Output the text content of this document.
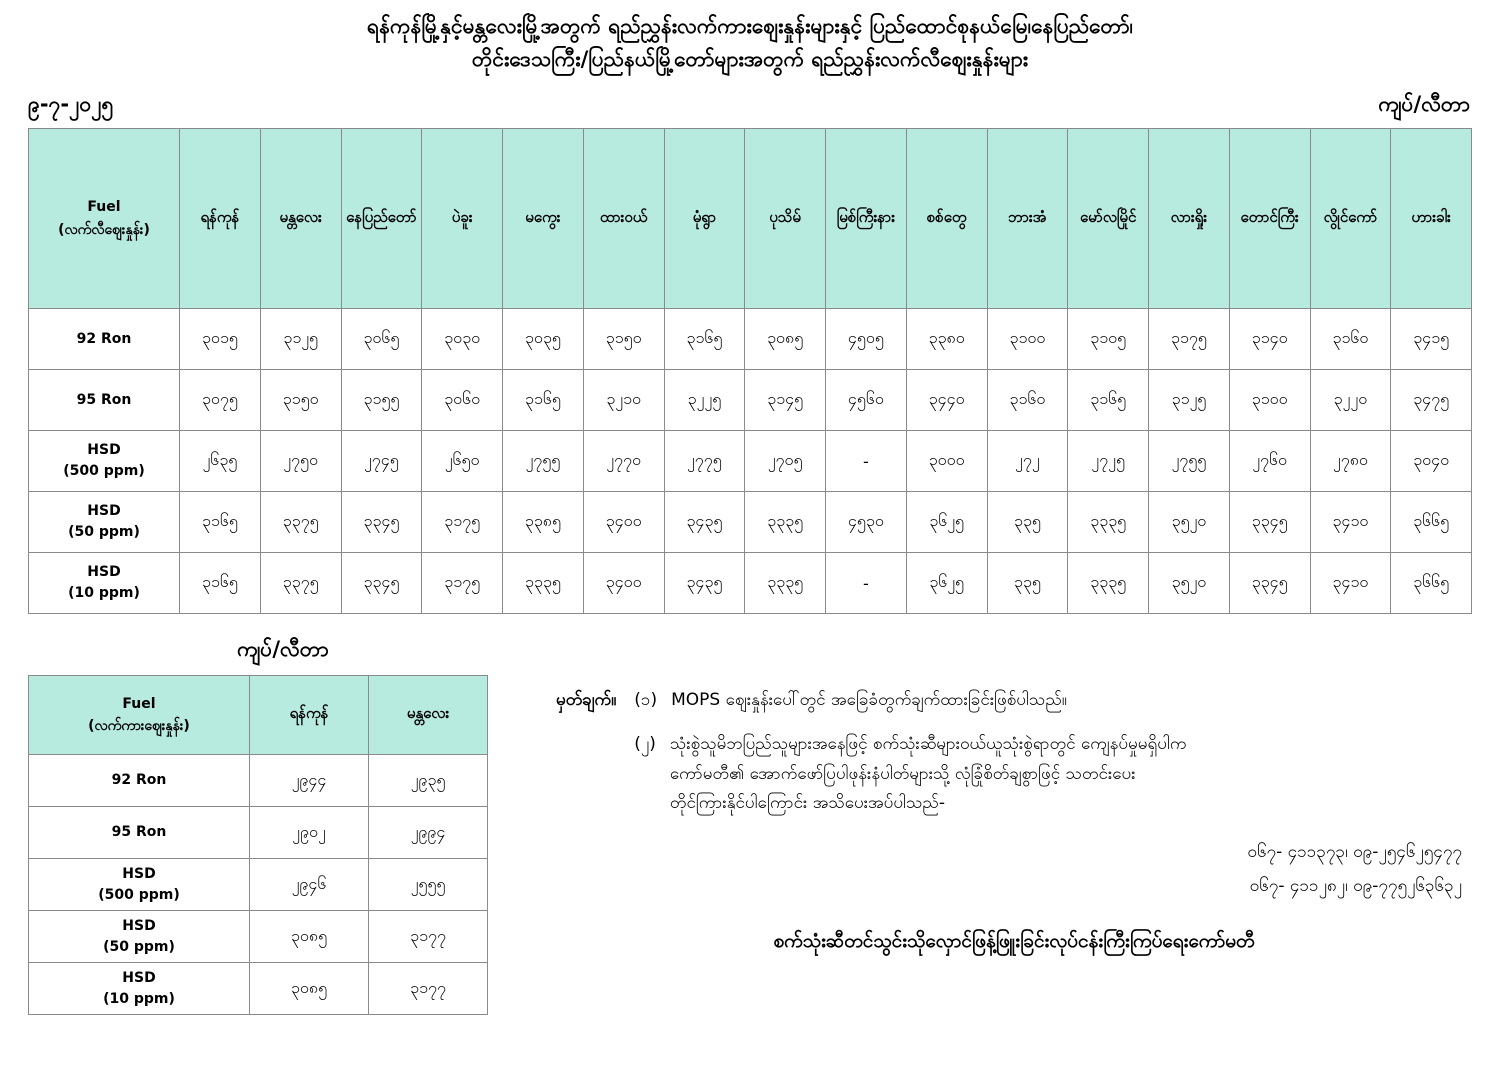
ရန်ကုန်မြို့နှင့်မန္တလေးမြို့အတွက် ရည်ညွှန်းလက်ကားဈေးနှုန်းများနှင့် ပြည်ထောင်စုနယ်မြေ၊နေပြည်တော်၊
တိုင်းဒေသကြီး/ပြည်နယ်မြို့တော်များအတွက် ရည်ညွှန်းလက်လီဈေးနှုန်းများ
၉-၇-၂၀၂၅	ကျပ်/လီတာ
Fuel
(လက်လီဈေးနှုန်း)	ရန်ကုန်	မန္တလေး	နေပြည်တော်	ပဲခူး	မကွေး	ထားဝယ်	မုံရွာ	ပုသိမ်	မြစ်ကြီးနား	စစ်တွေ	ဘားအံ	မော်လမြိုင်	လားရှိုး	တောင်ကြီး	လွိုင်ကော်	ဟားခါး

92 Ron	၃၀၁၅	၃၁၂၅	၃၀၆၅	၃၀၃၀	၃၀၃၅	၃၁၅၀	၃၁၆၅	၃၀၈၅	၄၅၀၅	၃၃၈၀	၃၁၀၀	၃၁၀၅	၃၁၇၅	၃၁၄၀	၃၁၆၀	၃၄၁၅

95 Ron	၃၀၇၅	၃၁၅၀	၃၁၅၅	၃၀၆၀	၃၁၆၅	၃၂၁၀	၃၂၂၅	၃၁၄၅	၄၅၆၀	၃၄၄၀	၃၁၆၀	၃၁၆၅	၃၁၂၅	၃၁၀၀	၃၂၂၀	၃၄၇၅

HSD
(500 ppm)	၂၆၃၅	၂၇၅၀	၂၇၄၅	၂၆၅၀	၂၇၅၅	၂၇၇၀	၂၇၇၅	၂၇၀၅	-	၃၀၀၀	၂၇၂	၂၇၂၅	၂၇၅၅	၂၇၆၀	၂၇၈၀	၃၀၄၀

HSD
(50 ppm)	၃၁၆၅	၃၃၇၅	၃၃၄၅	၃၁၇၅	၃၃၈၅	၃၄၀၀	၃၄၃၅	၃၃၃၅	၄၅၃၀	၃၆၂၅	၃၃၅	၃၃၃၅	၃၅၂၀	၃၃၄၅	၃၄၁၀	၃၆၆၅

HSD
(10 ppm)	၃၁၆၅	၃၃၇၅	၃၃၄၅	၃၁၇၅	၃၃၃၅	၃၄၀၀	၃၄၃၅	၃၃၃၅	-	၃၆၂၅	၃၃၅	၃၃၃၅	၃၅၂၀	၃၃၄၅	၃၄၁၀	၃၆၆၅
ကျပ်/လီတာ
Fuel
(လက်ကားဈေးနှုန်း)	ရန်ကုန်	မန္တလေး

92 Ron	၂၉၄၄	၂၉၃၅

95 Ron	၂၉၀၂	၂၉၉၄

HSD
(500 ppm)	၂၉၄၆	၂၅၅၅

HSD
(50 ppm)	၃၀၈၅	၃၁၇၇

HSD
(10 ppm)	၃၀၈၅	၃၁၇၇
မှတ်ချက်။	(၁) MOPS ဈေးနှုန်းပေါ်တွင် အခြေခံတွက်ချက်ထားခြင်းဖြစ်ပါသည်။
(၂) သုံးစွဲသူမိဘပြည်သူများအနေဖြင့် စက်သုံးဆီများဝယ်ယူသုံးစွဲရာတွင် ကျေနပ်မှုမရှိပါက
ကော်မတီ၏ အောက်ဖော်ပြပါဖုန်းနံပါတ်များသို့ လုံခြုံစိတ်ချစွာဖြင့် သတင်းပေး
တိုင်ကြားနိုင်ပါကြောင်း အသိပေးအပ်ပါသည်-
၀၆၇- ၄၁၁၃၇၃၊ ၀၉-၂၅၄၆၂၅၄၇၇
၀၆၇- ၄၁၁၂၈၂၊ ၀၉-၇၇၅၂၆၃၆၃၂
စက်သုံးဆီတင်သွင်းသိုလှောင်ဖြန့်ဖြူးခြင်းလုပ်ငန်းကြီးကြပ်ရေးကော်မတီ
